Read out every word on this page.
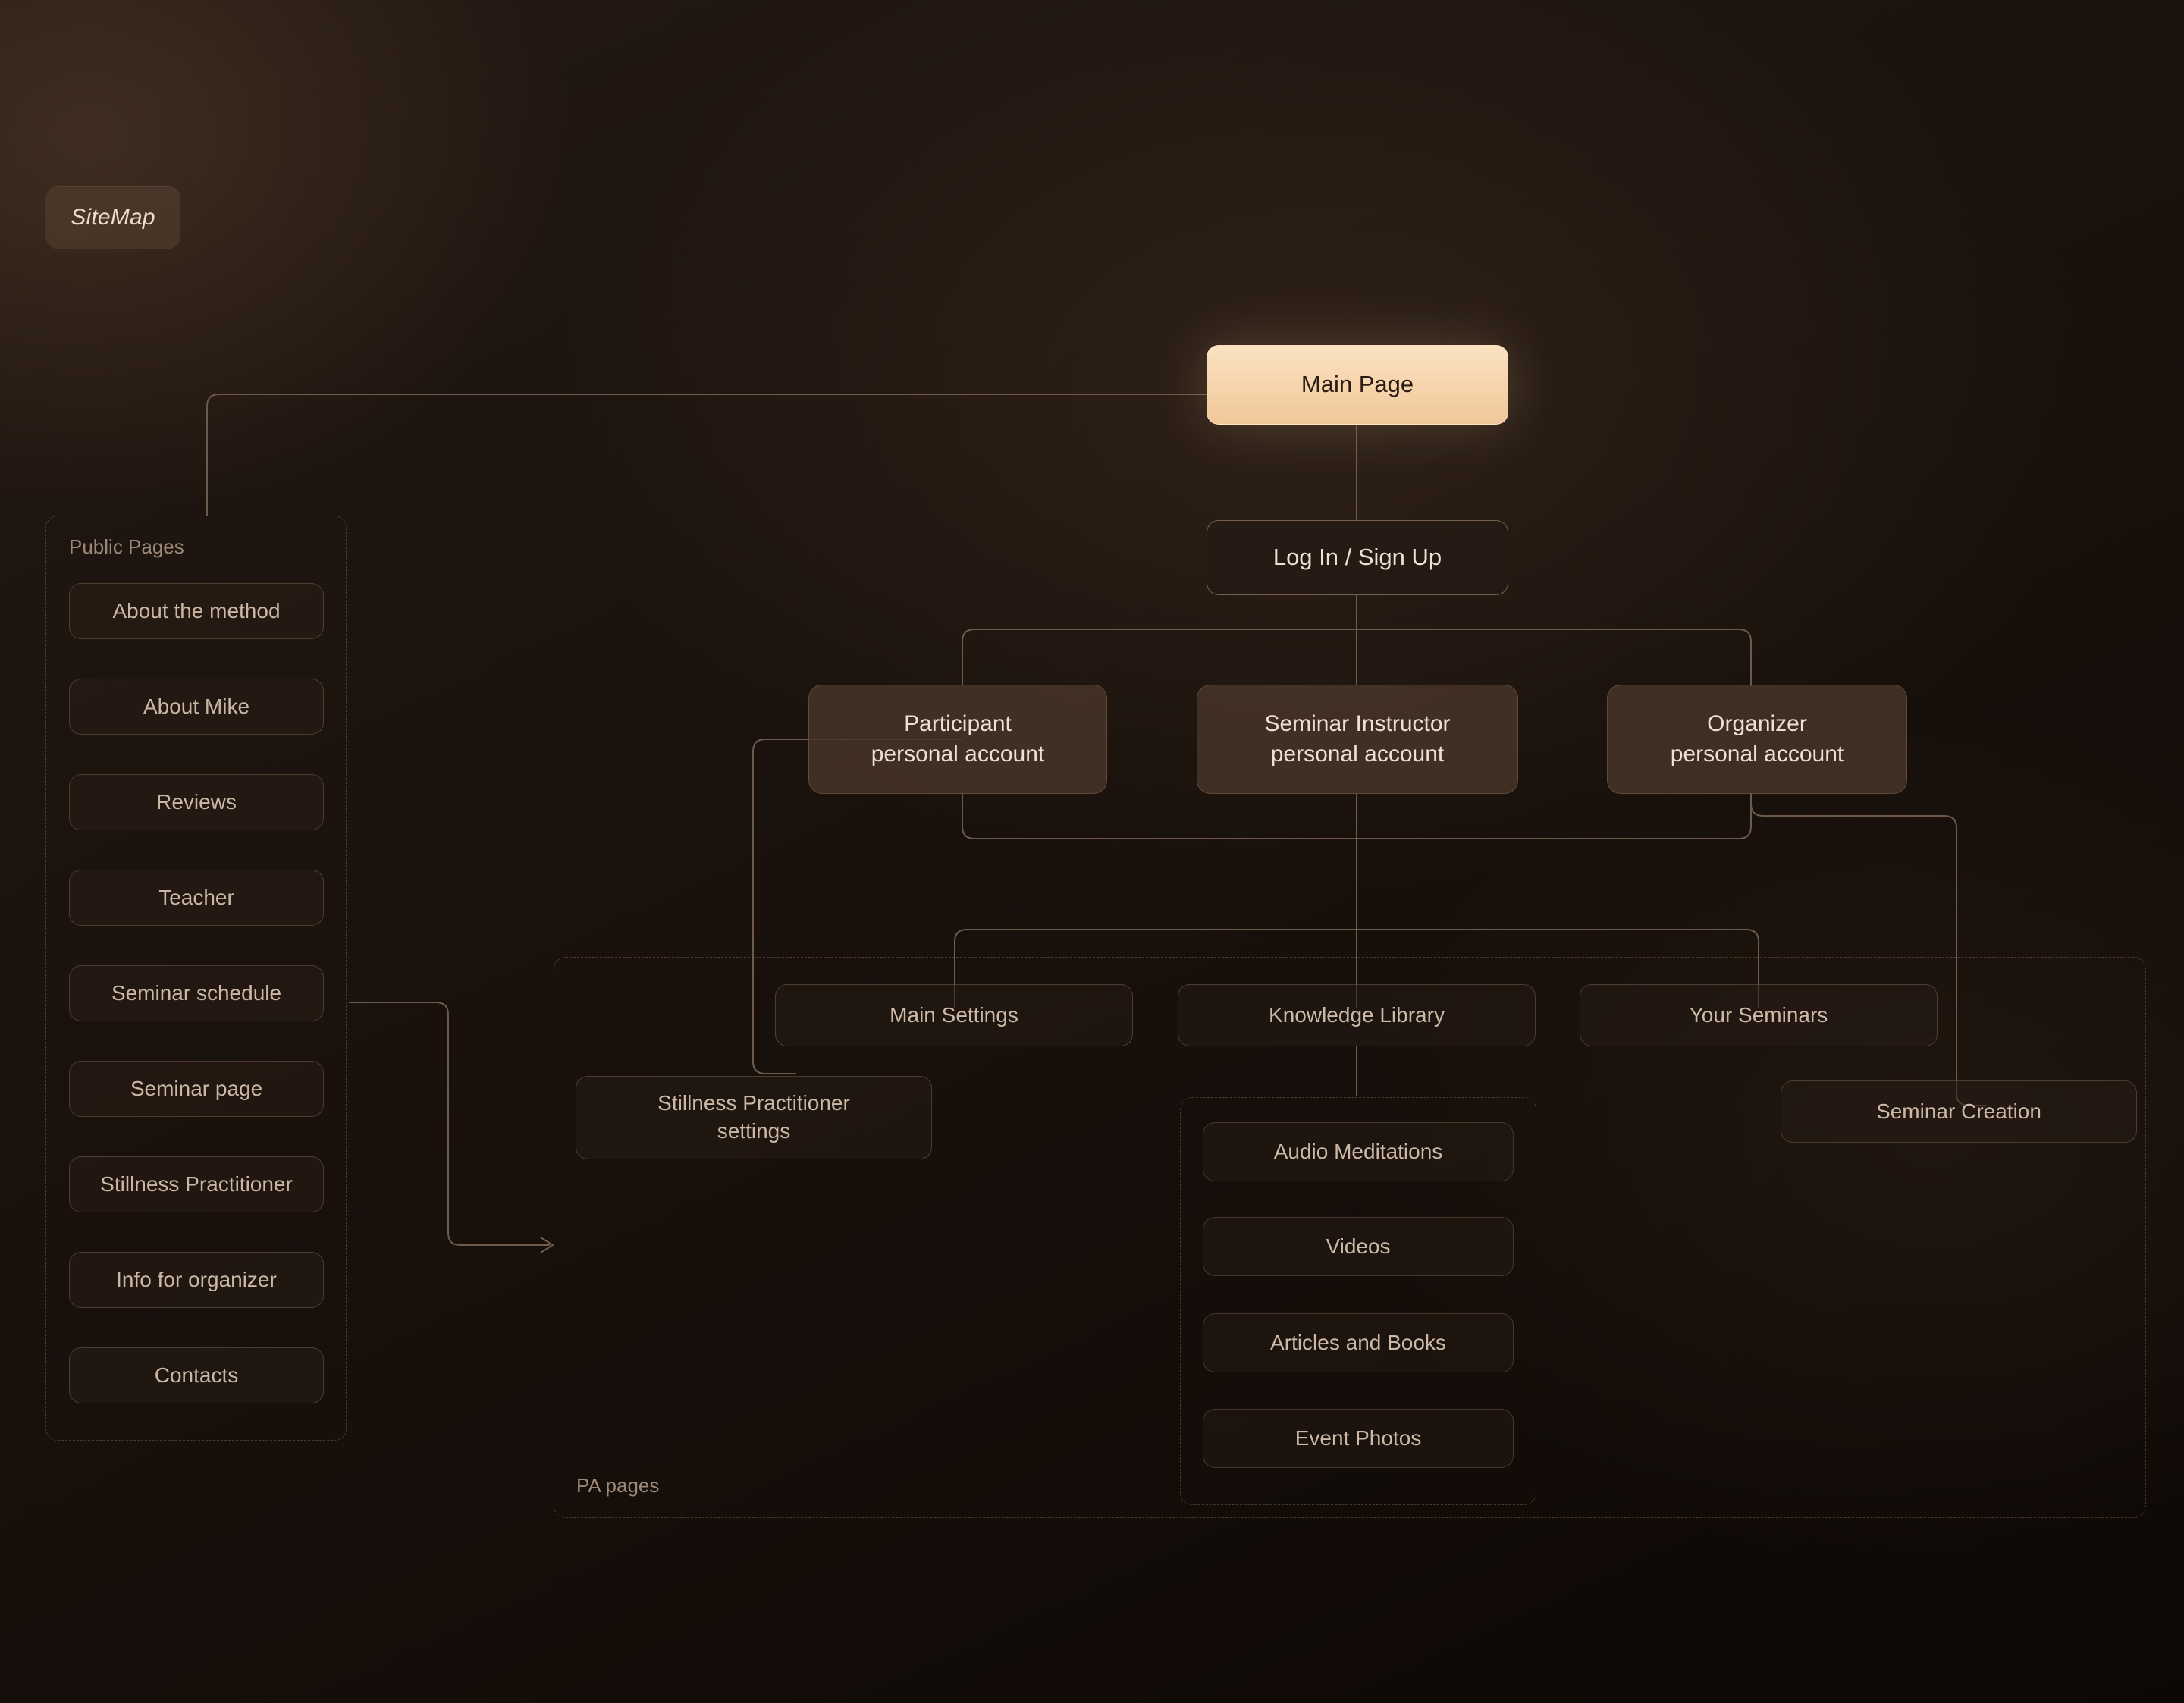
SiteMap
Public Pages
PA pages
Main Page
Log In / Sign Up
Participant
personal account
Seminar Instructor
personal account
Organizer
personal account
About the method
About Mike
Reviews
Teacher
Seminar schedule
Seminar page
Stillness Practitioner
Info for organizer
Contacts
Main Settings	Knowledge Library	Your Seminars
Stillness Practitioner
settings
Seminar Creation
Audio Meditations
Videos
Articles and Books
Event Photos
